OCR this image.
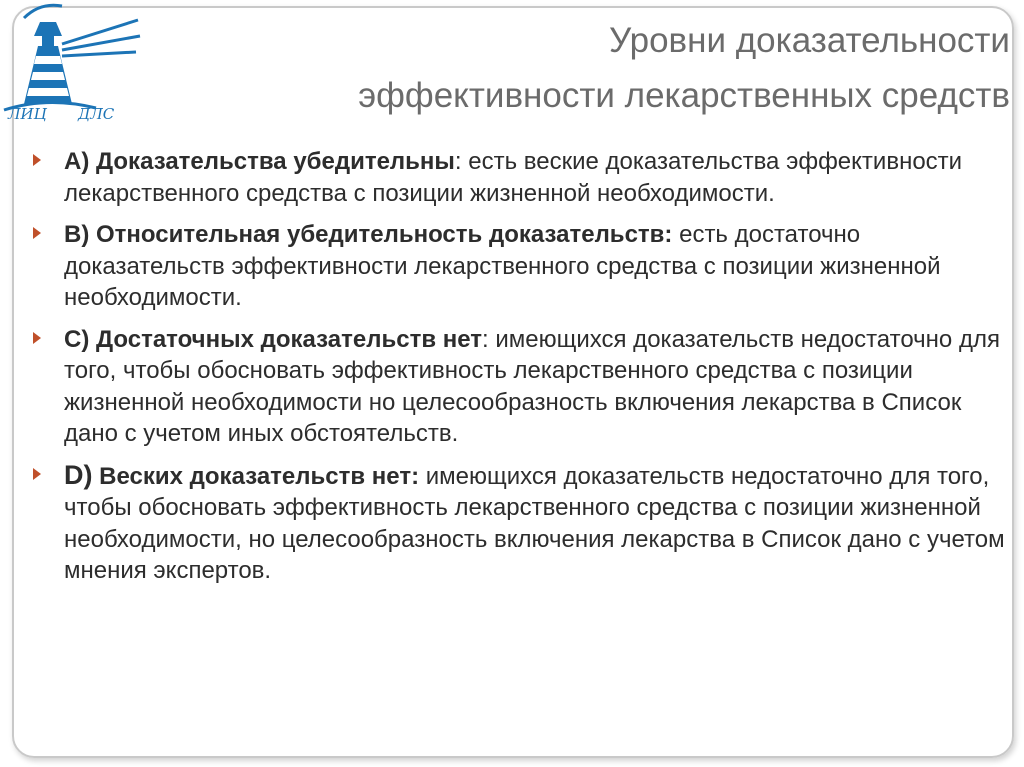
ЛИЦ ДЛС
Уровни доказательности
эффективности лекарственных средств
A) Доказательства убедительны: есть веские доказательства эффективности лекарственного средства с позиции жизненной необходимости.
B) Относительная убедительность доказательств: есть достаточно доказательств эффективности лекарственного средства с позиции жизненной необходимости.
C) Достаточных доказательств нет: имеющихся доказательств недостаточно для того, чтобы обосновать эффективность лекарственного средства с позиции жизненной необходимости но целесообразность включения лекарства в Список дано с учетом иных обстоятельств.
D) Веских доказательств нет: имеющихся доказательств недостаточно для того, чтобы обосновать эффективность лекарственного средства с позиции жизненной необходимости, но целесообразность включения лекарства в Список дано с учетом мнения экспертов.
